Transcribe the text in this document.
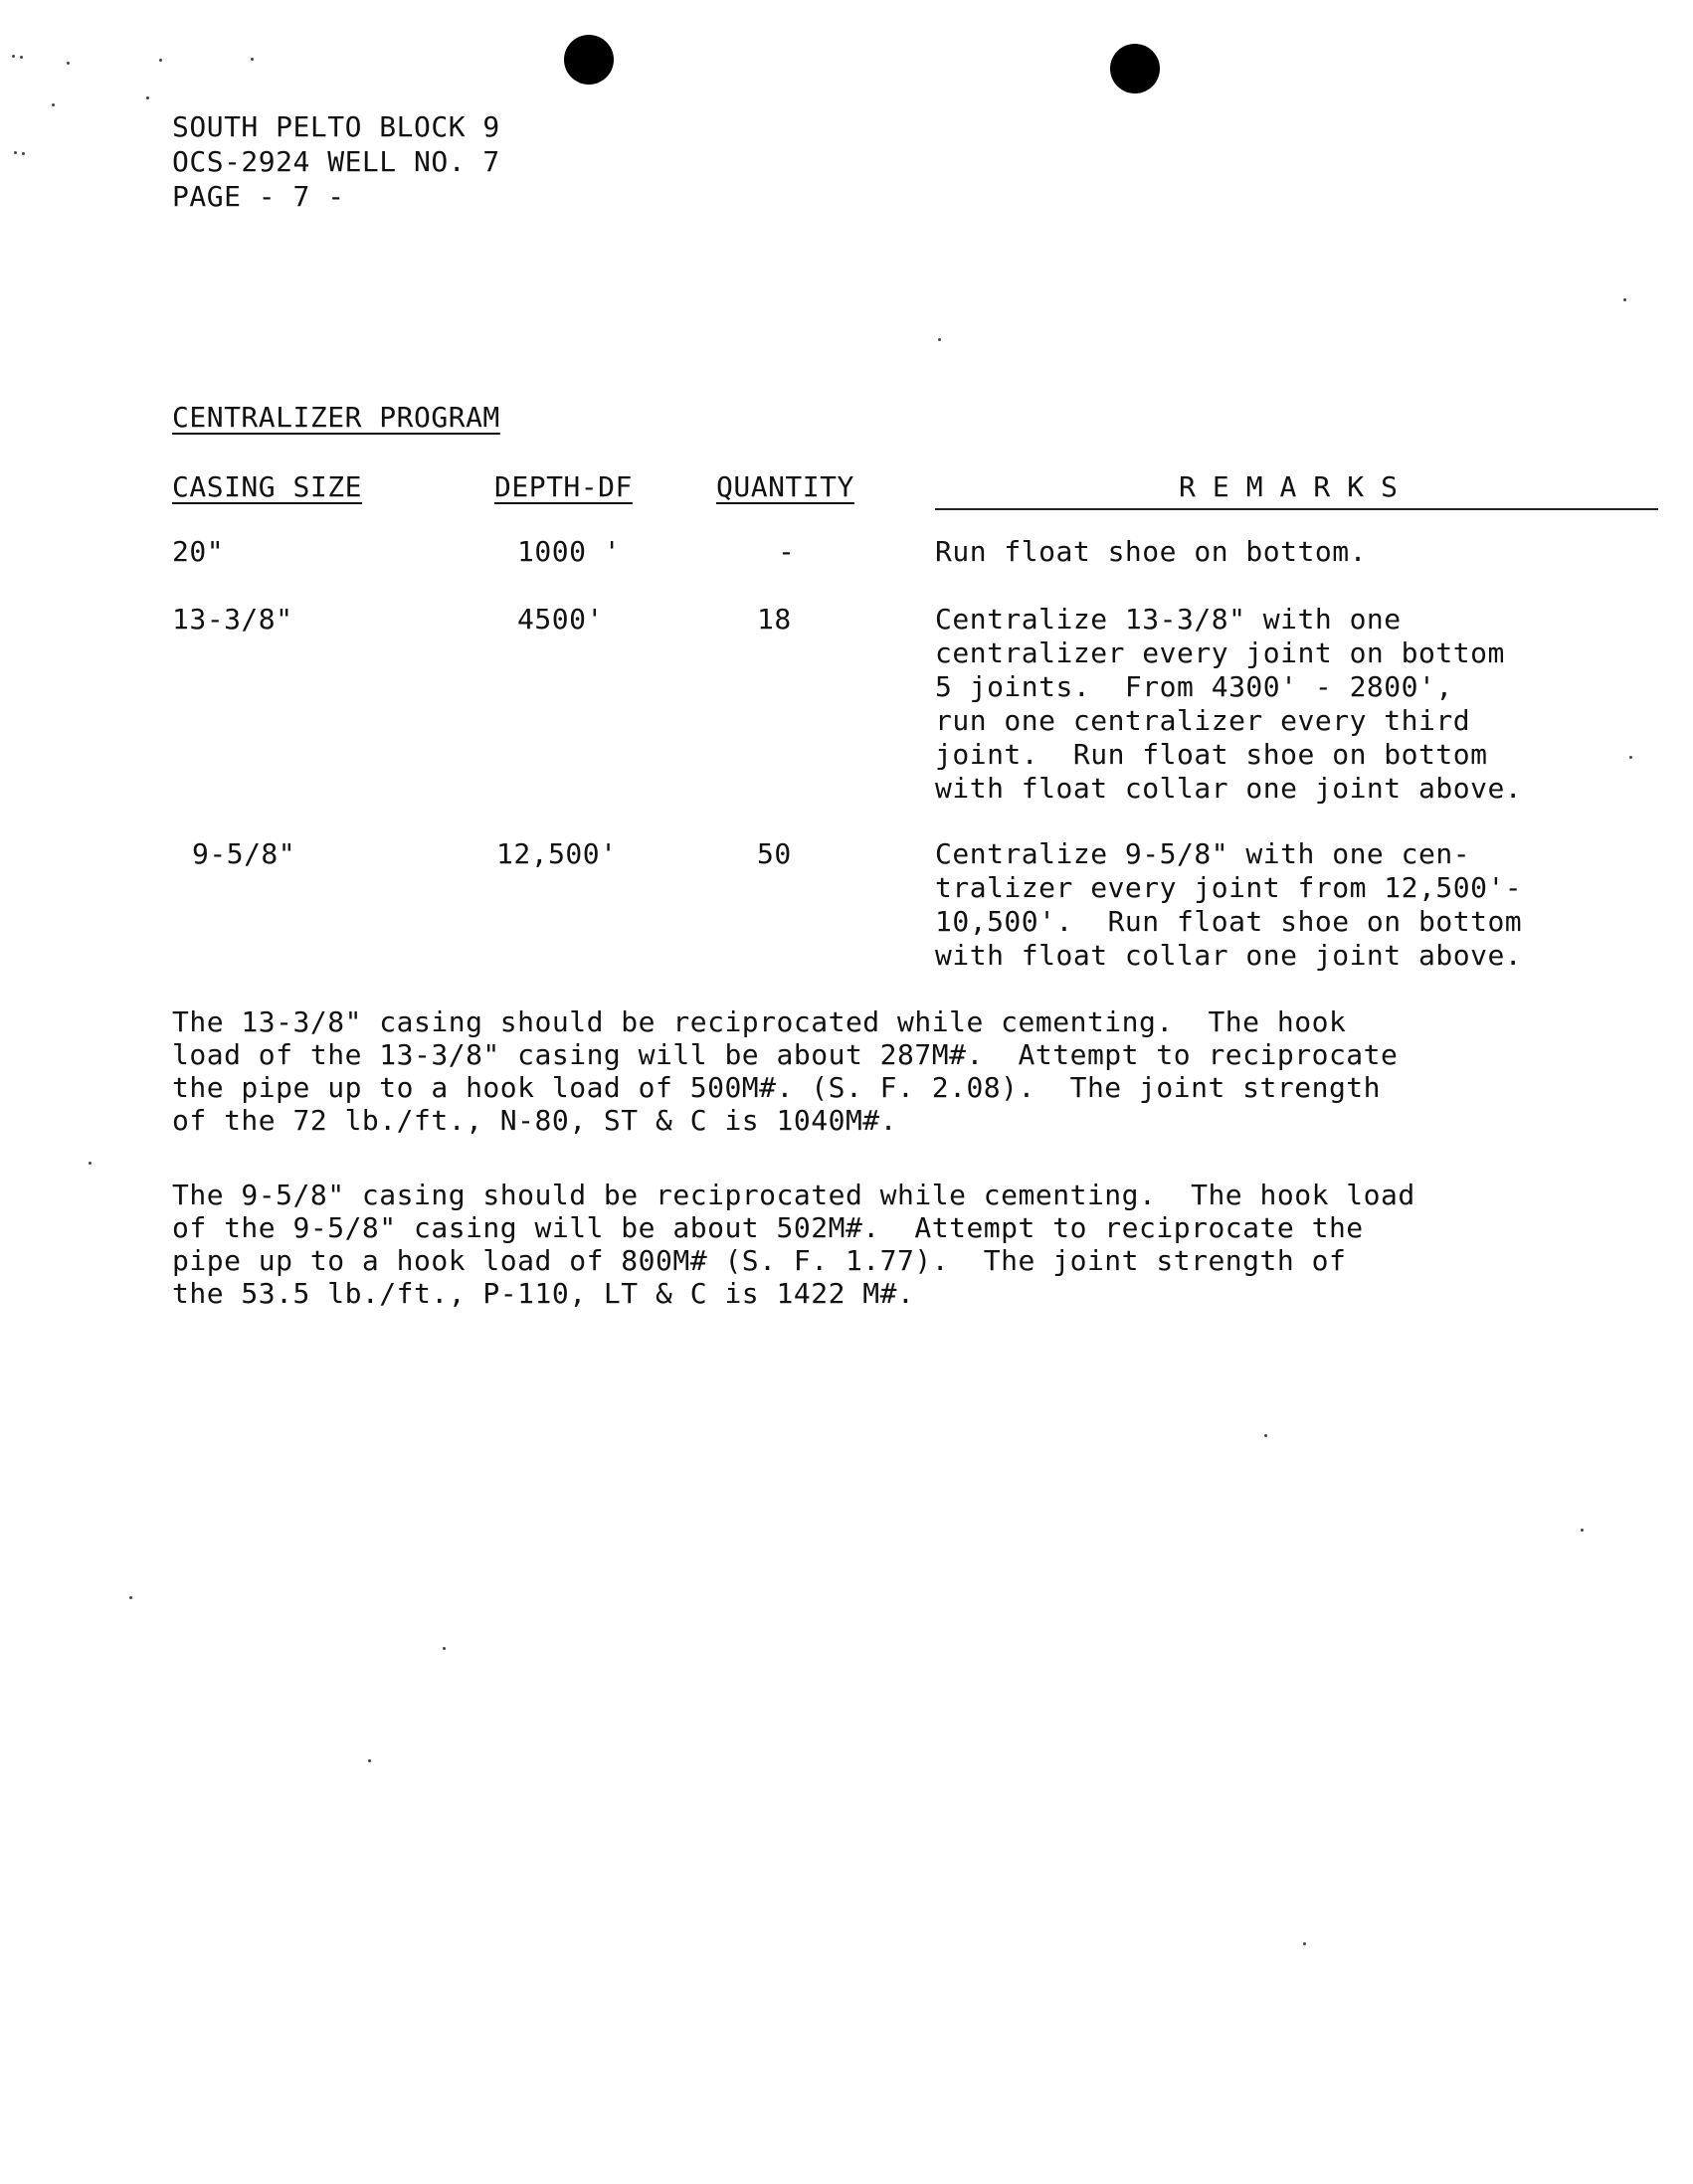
SOUTH PELTO BLOCK 9
OCS-2924 WELL NO. 7
PAGE - 7 -
CENTRALIZER PROGRAM
CASING SIZE	DEPTH-DF	QUANTITY	REMARKS
20"	1000 '	-	Run float shoe on bottom.
13-3/8"	4500'	18	Centralize 13-3/8" with one
centralizer every joint on bottom
5 joints.  From 4300' - 2800',
run one centralizer every third
joint.  Run float shoe on bottom
with float collar one joint above.
9-5/8"	12,500'	50	Centralize 9-5/8" with one cen-
tralizer every joint from 12,500'-
10,500'.  Run float shoe on bottom
with float collar one joint above.
The 13-3/8" casing should be reciprocated while cementing.  The hook
load of the 13-3/8" casing will be about 287M#.  Attempt to reciprocate
the pipe up to a hook load of 500M#. (S. F. 2.08).  The joint strength
of the 72 lb./ft., N-80, ST & C is 1040M#.
The 9-5/8" casing should be reciprocated while cementing.  The hook load
of the 9-5/8" casing will be about 502M#.  Attempt to reciprocate the
pipe up to a hook load of 800M# (S. F. 1.77).  The joint strength of
the 53.5 lb./ft., P-110, LT & C is 1422 M#.
